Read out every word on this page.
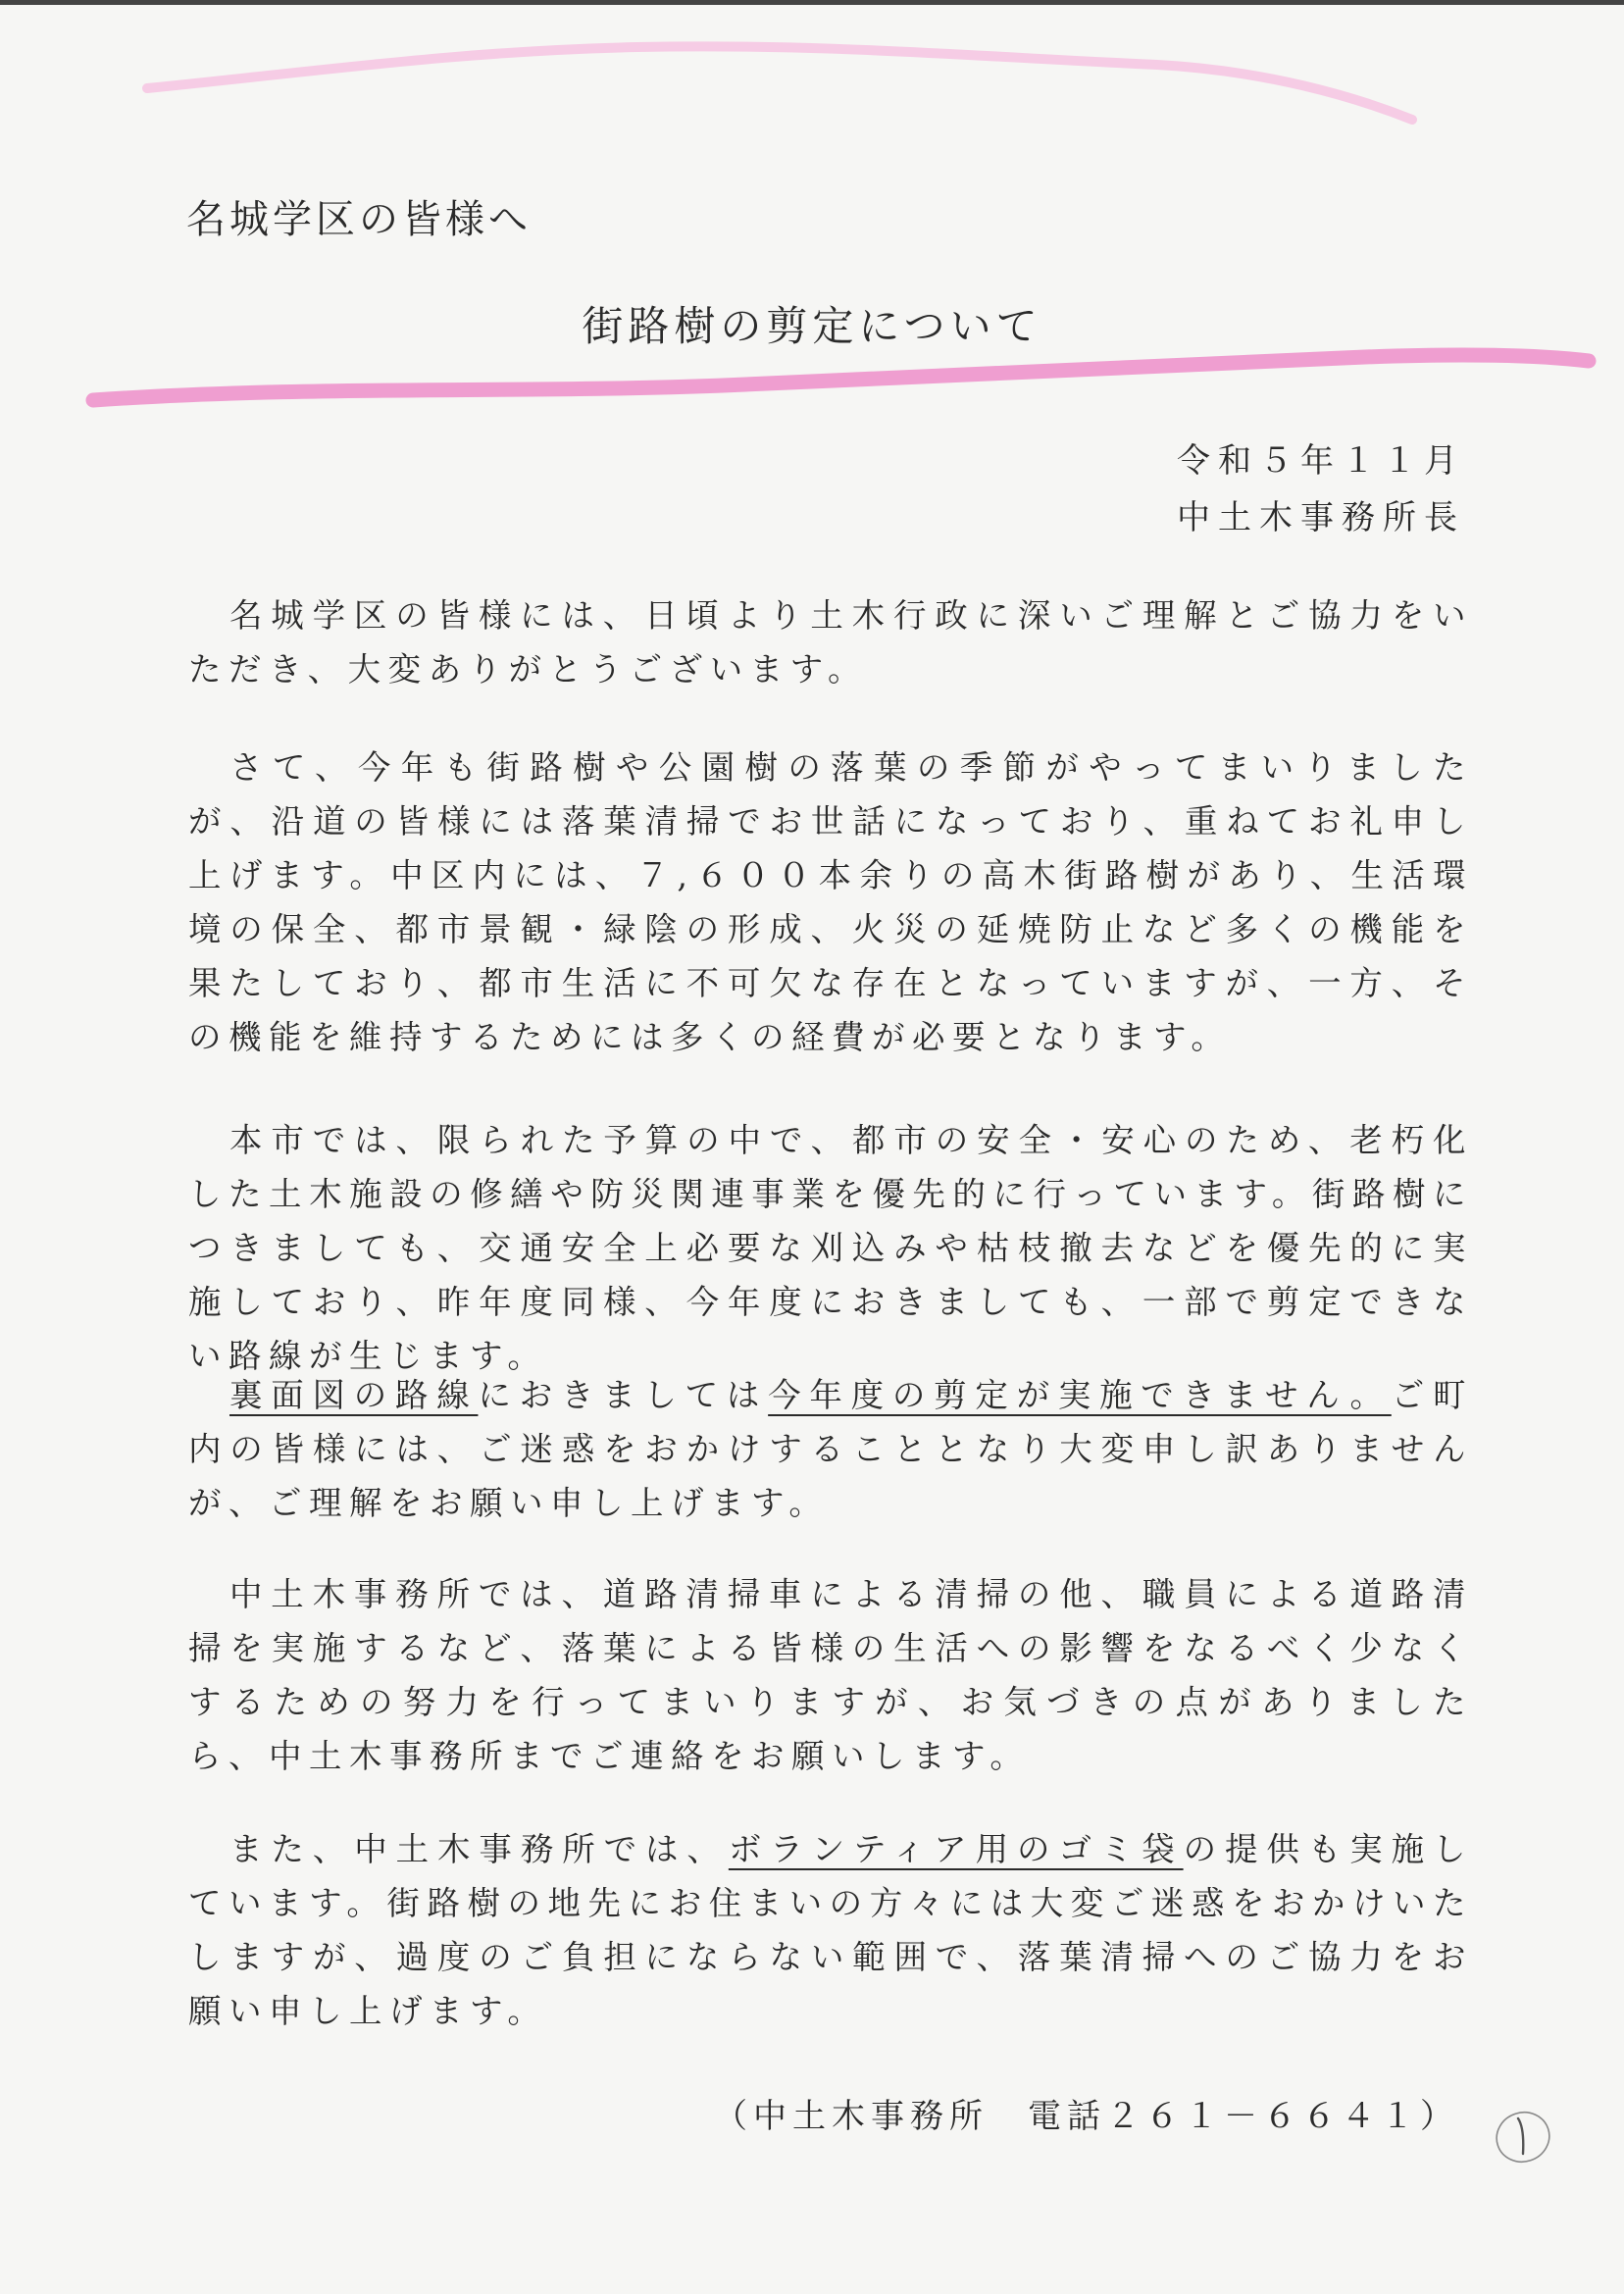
名城学区の皆様へ
街路樹の剪定について
令和５年１１月
中土木事務所長

名城学区の皆様には、日頃より土木行政に深いご理解とご協力をいただき、大変ありがとうございます。

さて、今年も街路樹や公園樹の落葉の季節がやってまいりましたが、沿道の皆様には落葉清掃でお世話になっており、重ねてお礼申し上げます。中区内には、７,６００本余りの高木街路樹があり、生活環境の保全、都市景観・緑陰の形成、火災の延焼防止など多くの機能を果たしており、都市生活に不可欠な存在となっていますが、一方、その機能を維持するためには多くの経費が必要となります。

本市では、限られた予算の中で、都市の安全・安心のため、老朽化した土木施設の修繕や防災関連事業を優先的に行っています。街路樹につきましても、交通安全上必要な刈込みや枯枝撤去などを優先的に実施しており、昨年度同様、今年度におきましても、一部で剪定できない路線が生じます。

裏面図の路線におきましては今年度の剪定が実施できません。ご町内の皆様には、ご迷惑をおかけすることとなり大変申し訳ありませんが、ご理解をお願い申し上げます。

中土木事務所では、道路清掃車による清掃の他、職員による道路清掃を実施するなど、落葉による皆様の生活への影響をなるべく少なくするための努力を行ってまいりますが、お気づきの点がありましたら、中土木事務所までご連絡をお願いします。

また、中土木事務所では、ボランティア用のゴミ袋の提供も実施しています。街路樹の地先にお住まいの方々には大変ご迷惑をおかけいたしますが、過度のご負担にならない範囲で、落葉清掃へのご協力をお願い申し上げます。

（中土木事務所　電話２６１－６６４１）
